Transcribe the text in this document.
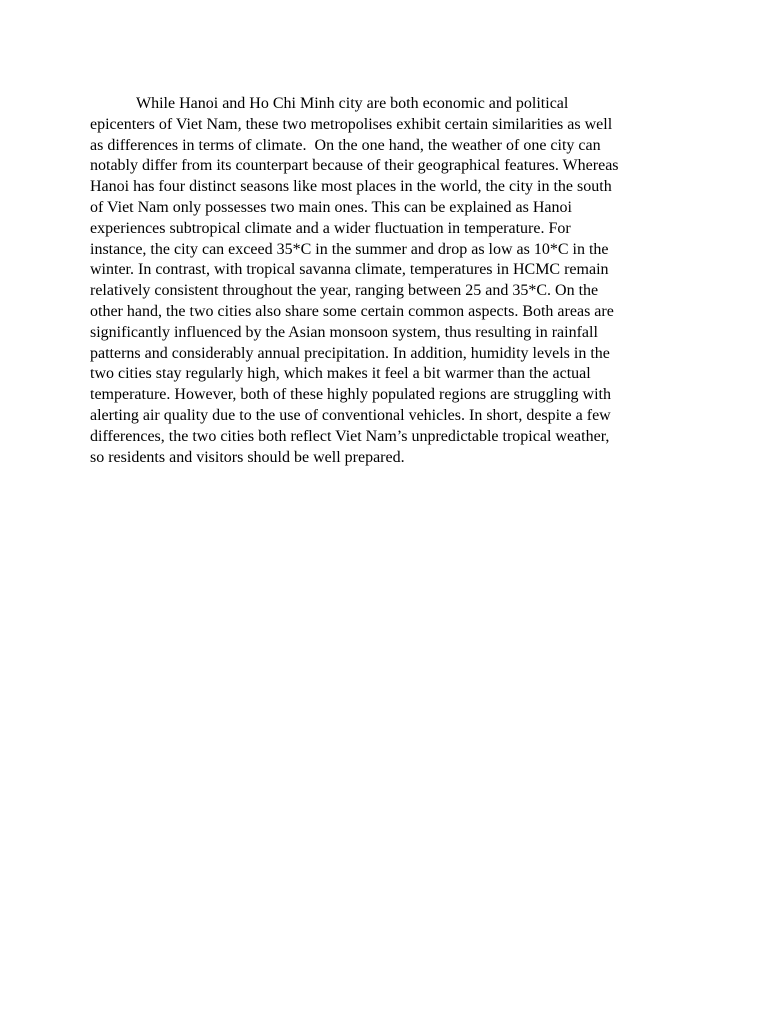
While Hanoi and Ho Chi Minh city are both economic and political
epicenters of Viet Nam, these two metropolises exhibit certain similarities as well
as differences in terms of climate.  On the one hand, the weather of one city can
notably differ from its counterpart because of their geographical features. Whereas
Hanoi has four distinct seasons like most places in the world, the city in the south
of Viet Nam only possesses two main ones. This can be explained as Hanoi
experiences subtropical climate and a wider fluctuation in temperature. For
instance, the city can exceed 35*C in the summer and drop as low as 10*C in the
winter. In contrast, with tropical savanna climate, temperatures in HCMC remain
relatively consistent throughout the year, ranging between 25 and 35*C. On the
other hand, the two cities also share some certain common aspects. Both areas are
significantly influenced by the Asian monsoon system, thus resulting in rainfall
patterns and considerably annual precipitation. In addition, humidity levels in the
two cities stay regularly high, which makes it feel a bit warmer than the actual
temperature. However, both of these highly populated regions are struggling with
alerting air quality due to the use of conventional vehicles. In short, despite a few
differences, the two cities both reflect Viet Nam’s unpredictable tropical weather,
so residents and visitors should be well prepared.
